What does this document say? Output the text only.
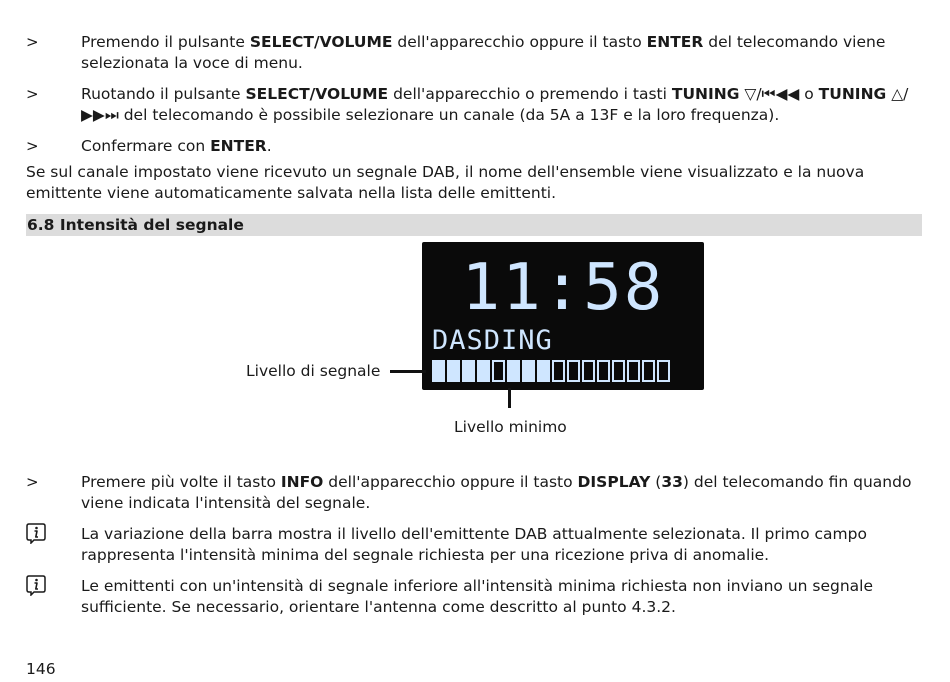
>	Premendo il pulsante SELECT/VOLUME dell'apparecchio oppure il tasto ENTER del telecomando viene selezionata la voce di menu.
>	Ruotando il pulsante SELECT/VOLUME dell'apparecchio o premendo i tasti TUNING ▽/⏮◀◀ o TUNING △/▶▶⏭ del telecomando è possibile selezionare un canale (da 5A a 13F e la loro frequenza).
>	Confermare con ENTER.
Se sul canale impostato viene ricevuto un segnale DAB, il nome dell'ensemble viene visualizzato e la nuova emittente viene automaticamente salvata nella lista delle emittenti.
6.8 Intensità del segnale
11:58
DASDING
Livello di segnale
Livello minimo
>	Premere più volte il tasto INFO dell'apparecchio oppure il tasto DISPLAY (33) del telecomando fin quando viene indicata l'intensità del segnale.
La variazione della barra mostra il livello dell'emittente DAB attualmente selezionata. Il primo campo rappresenta l'intensità minima del segnale richiesta per una ricezione priva di anomalie.
Le emittenti con un'intensità di segnale inferiore all'intensità minima richiesta non inviano un segnale sufficiente. Se necessario, orientare l'antenna come descritto al punto 4.3.2.
146
